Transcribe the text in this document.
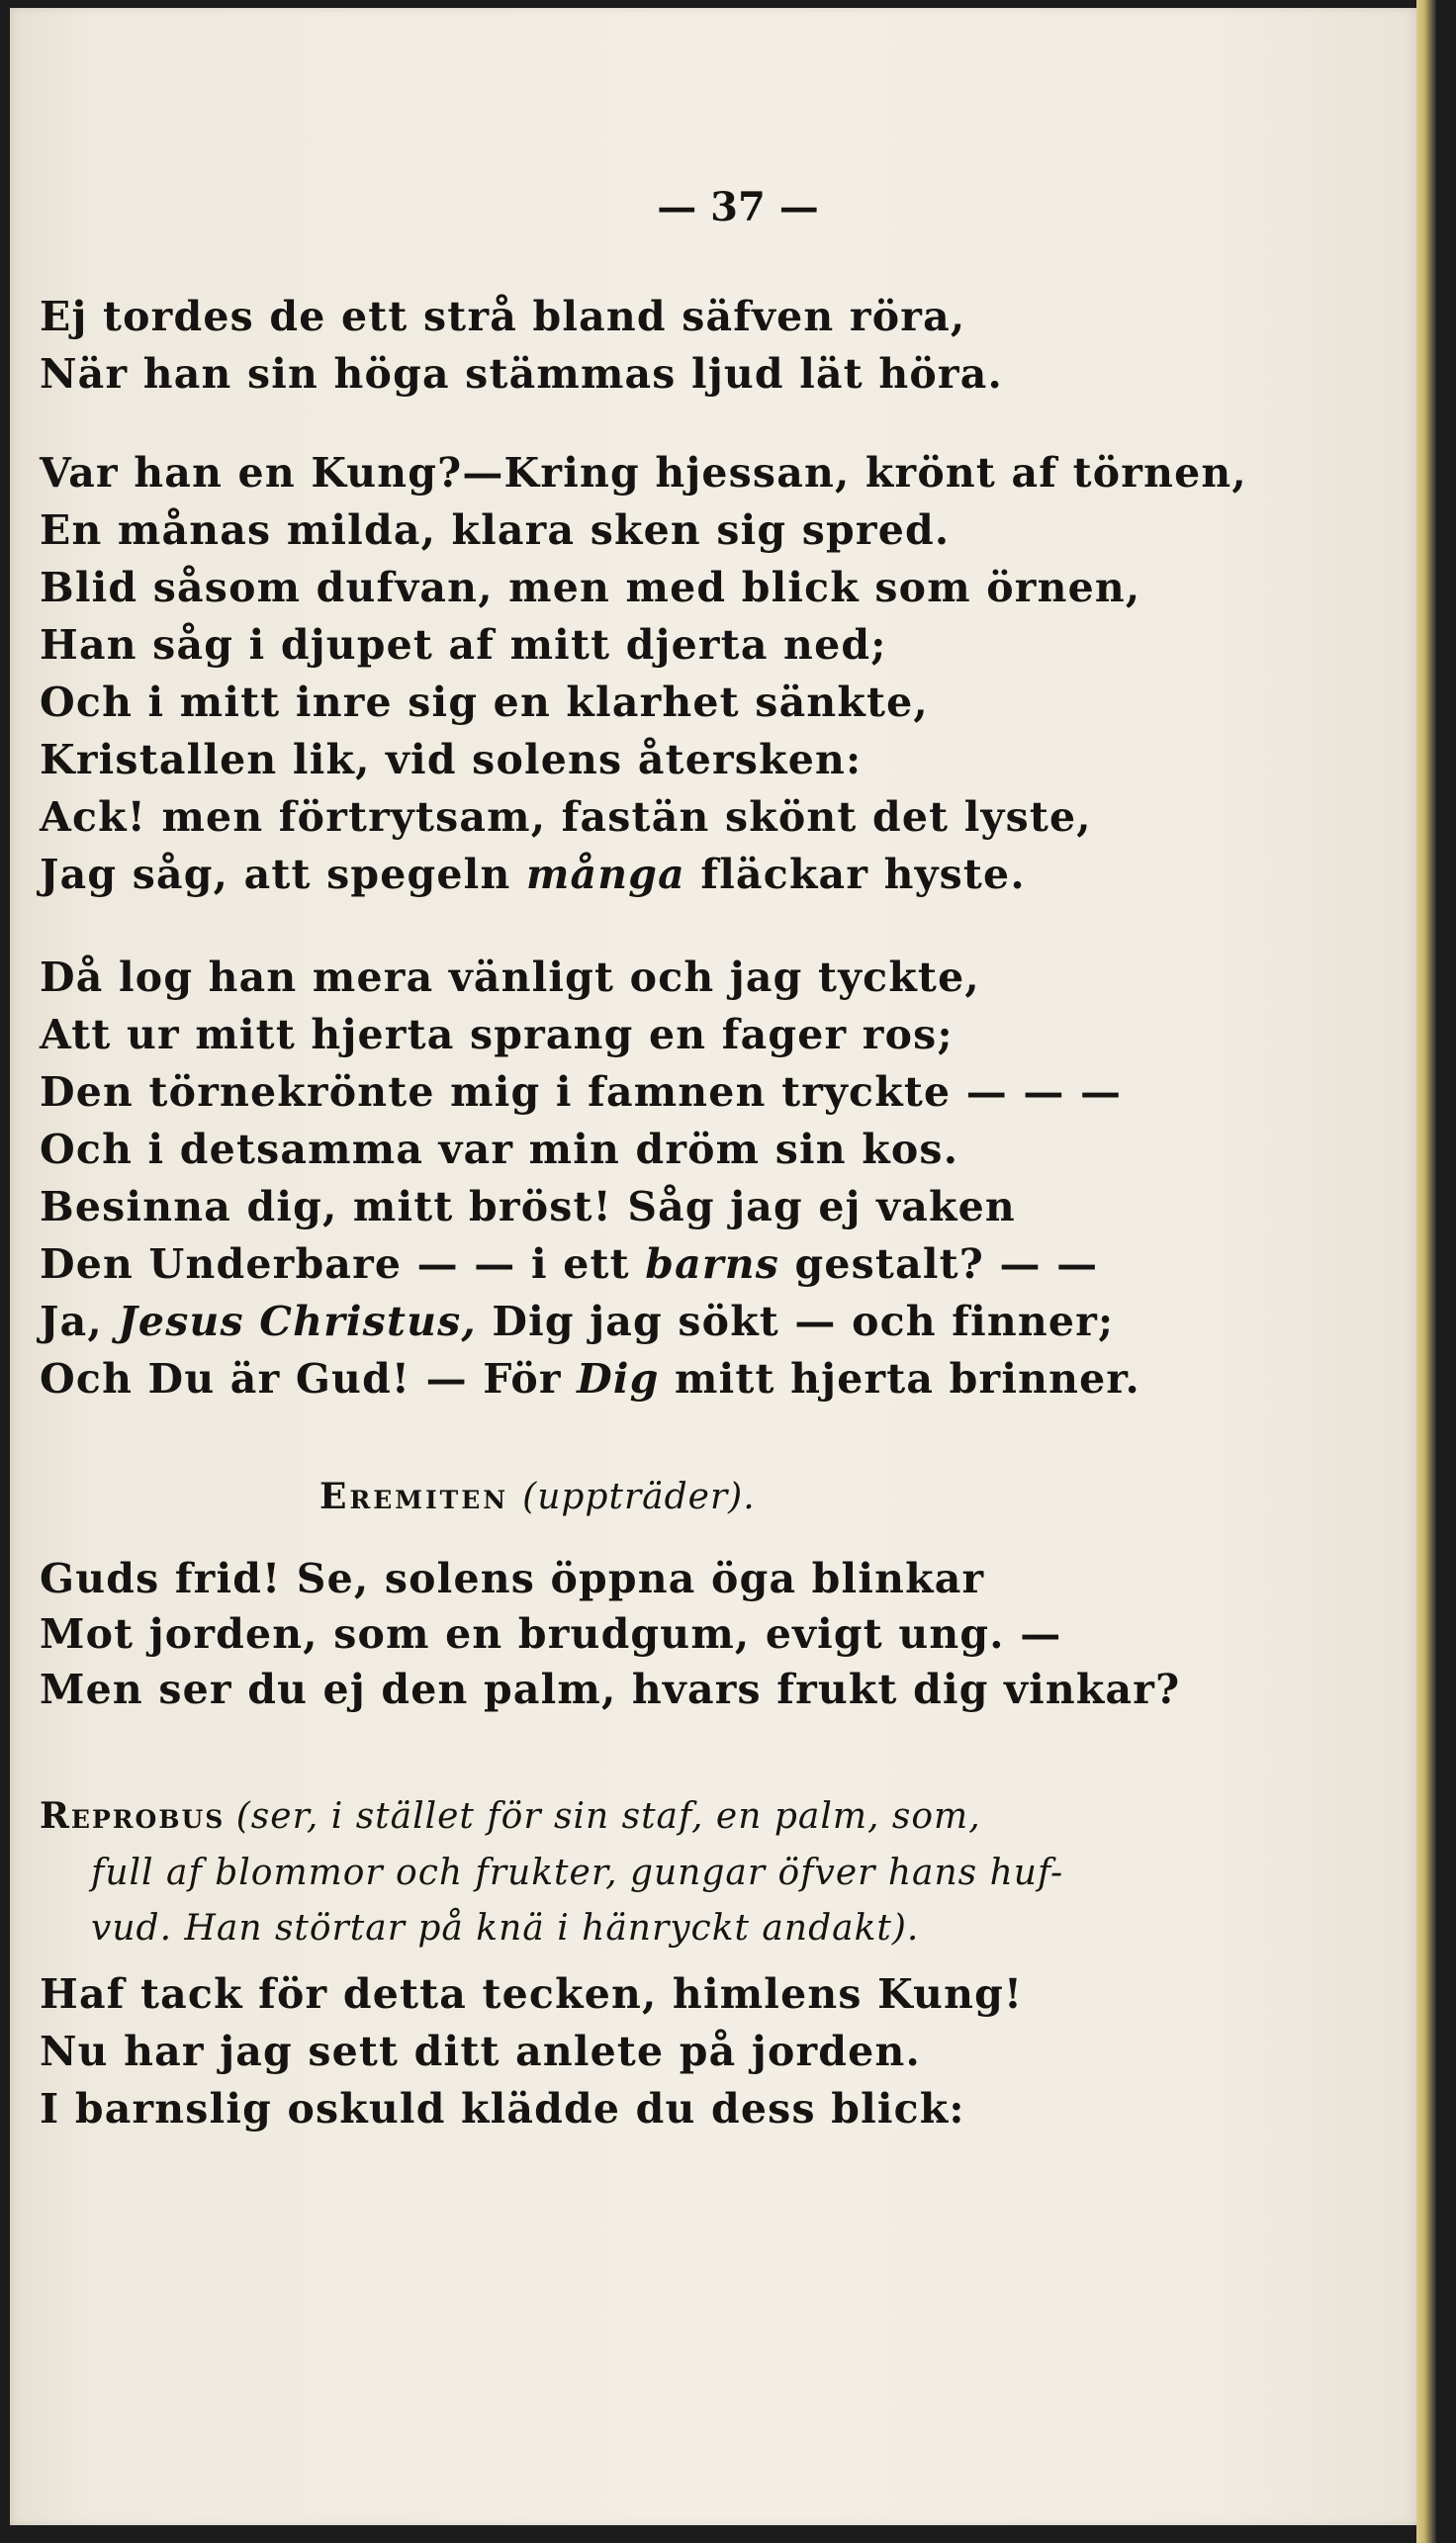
— 37 —
Ej tordes de ett strå bland säfven röra,
När han sin höga stämmas ljud lät höra.
Var han en Kung?—Kring hjessan, krönt af törnen,
En månas milda, klara sken sig spred.
Blid såsom dufvan, men med blick som örnen,
Han såg i djupet af mitt djerta ned;
Och i mitt inre sig en klarhet sänkte,
Kristallen lik, vid solens återsken:
Ack! men förtrytsam, fastän skönt det lyste,
Jag såg, att spegeln många fläckar hyste.
Då log han mera vänligt och jag tyckte,
Att ur mitt hjerta sprang en fager ros;
Den törnekrönte mig i famnen tryckte — — —
Och i detsamma var min dröm sin kos.
Besinna dig, mitt bröst! Såg jag ej vaken
Den Underbare — — i ett barns gestalt? — —
Ja, Jesus Christus, Dig jag sökt — och finner;
Och Du är Gud! — För Dig mitt hjerta brinner.
Eremiten (uppträder).
Guds frid! Se, solens öppna öga blinkar
Mot jorden, som en brudgum, evigt ung. —
Men ser du ej den palm, hvars frukt dig vinkar?
Reprobus (ser, i stället för sin staf, en palm, som,
full af blommor och frukter, gungar öfver hans huf-
vud. Han störtar på knä i hänryckt andakt).
Haf tack för detta tecken, himlens Kung!
Nu har jag sett ditt anlete på jorden.
I barnslig oskuld klädde du dess blick:
